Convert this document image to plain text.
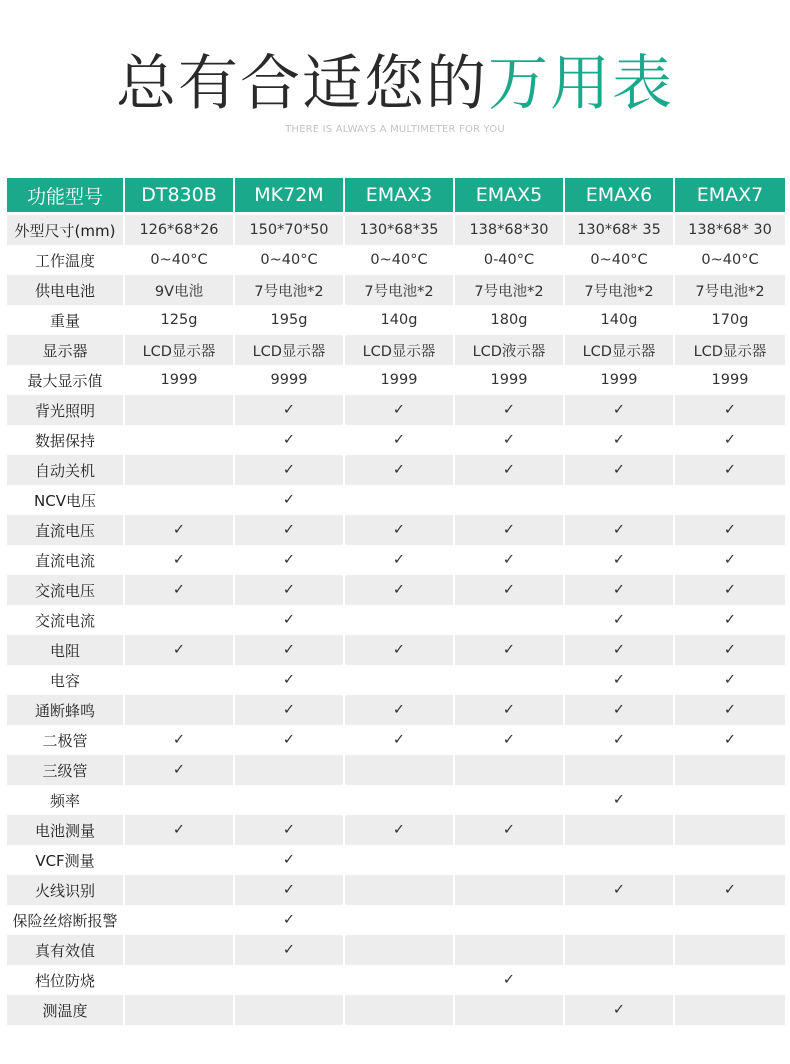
总有合适您的万用表
THERE IS ALWAYS A MULTIMETER FOR YOU
功能型号	DT830B	MK72M	EMAX3	EMAX5	EMAX6	EMAX7
外型尺寸(mm)	126*68*26	150*70*50	130*68*35	138*68*30	130*68* 35	138*68* 30
工作温度	0~40°C	0~40°C	0~40°C	0-40°C	0~40°C	0~40°C
供电电池	9V电池	7号电池*2	7号电池*2	7号电池*2	7号电池*2	7号电池*2
重量	125g	195g	140g	180g	140g	170g
显示器	LCD显示器	LCD显示器	LCD显示器	LCD液示器	LCD显示器	LCD显示器
最大显示值	1999	9999	1999	1999	1999	1999
背光照明		✓	✓	✓	✓	✓
数据保持		✓	✓	✓	✓	✓
自动关机		✓	✓	✓	✓	✓
NCV电压		✓				
直流电压	✓	✓	✓	✓	✓	✓
直流电流	✓	✓	✓	✓	✓	✓
交流电压	✓	✓	✓	✓	✓	✓
交流电流		✓			✓	✓
电阻	✓	✓	✓	✓	✓	✓
电容		✓			✓	✓
通断蜂鸣		✓	✓	✓	✓	✓
二极管	✓	✓	✓	✓	✓	✓
三级管	✓					
频率					✓	
电池测量	✓	✓	✓	✓		
VCF测量		✓				
火线识别		✓			✓	✓
保险丝熔断报警		✓				
真有效值		✓				
档位防烧				✓		
测温度					✓	
